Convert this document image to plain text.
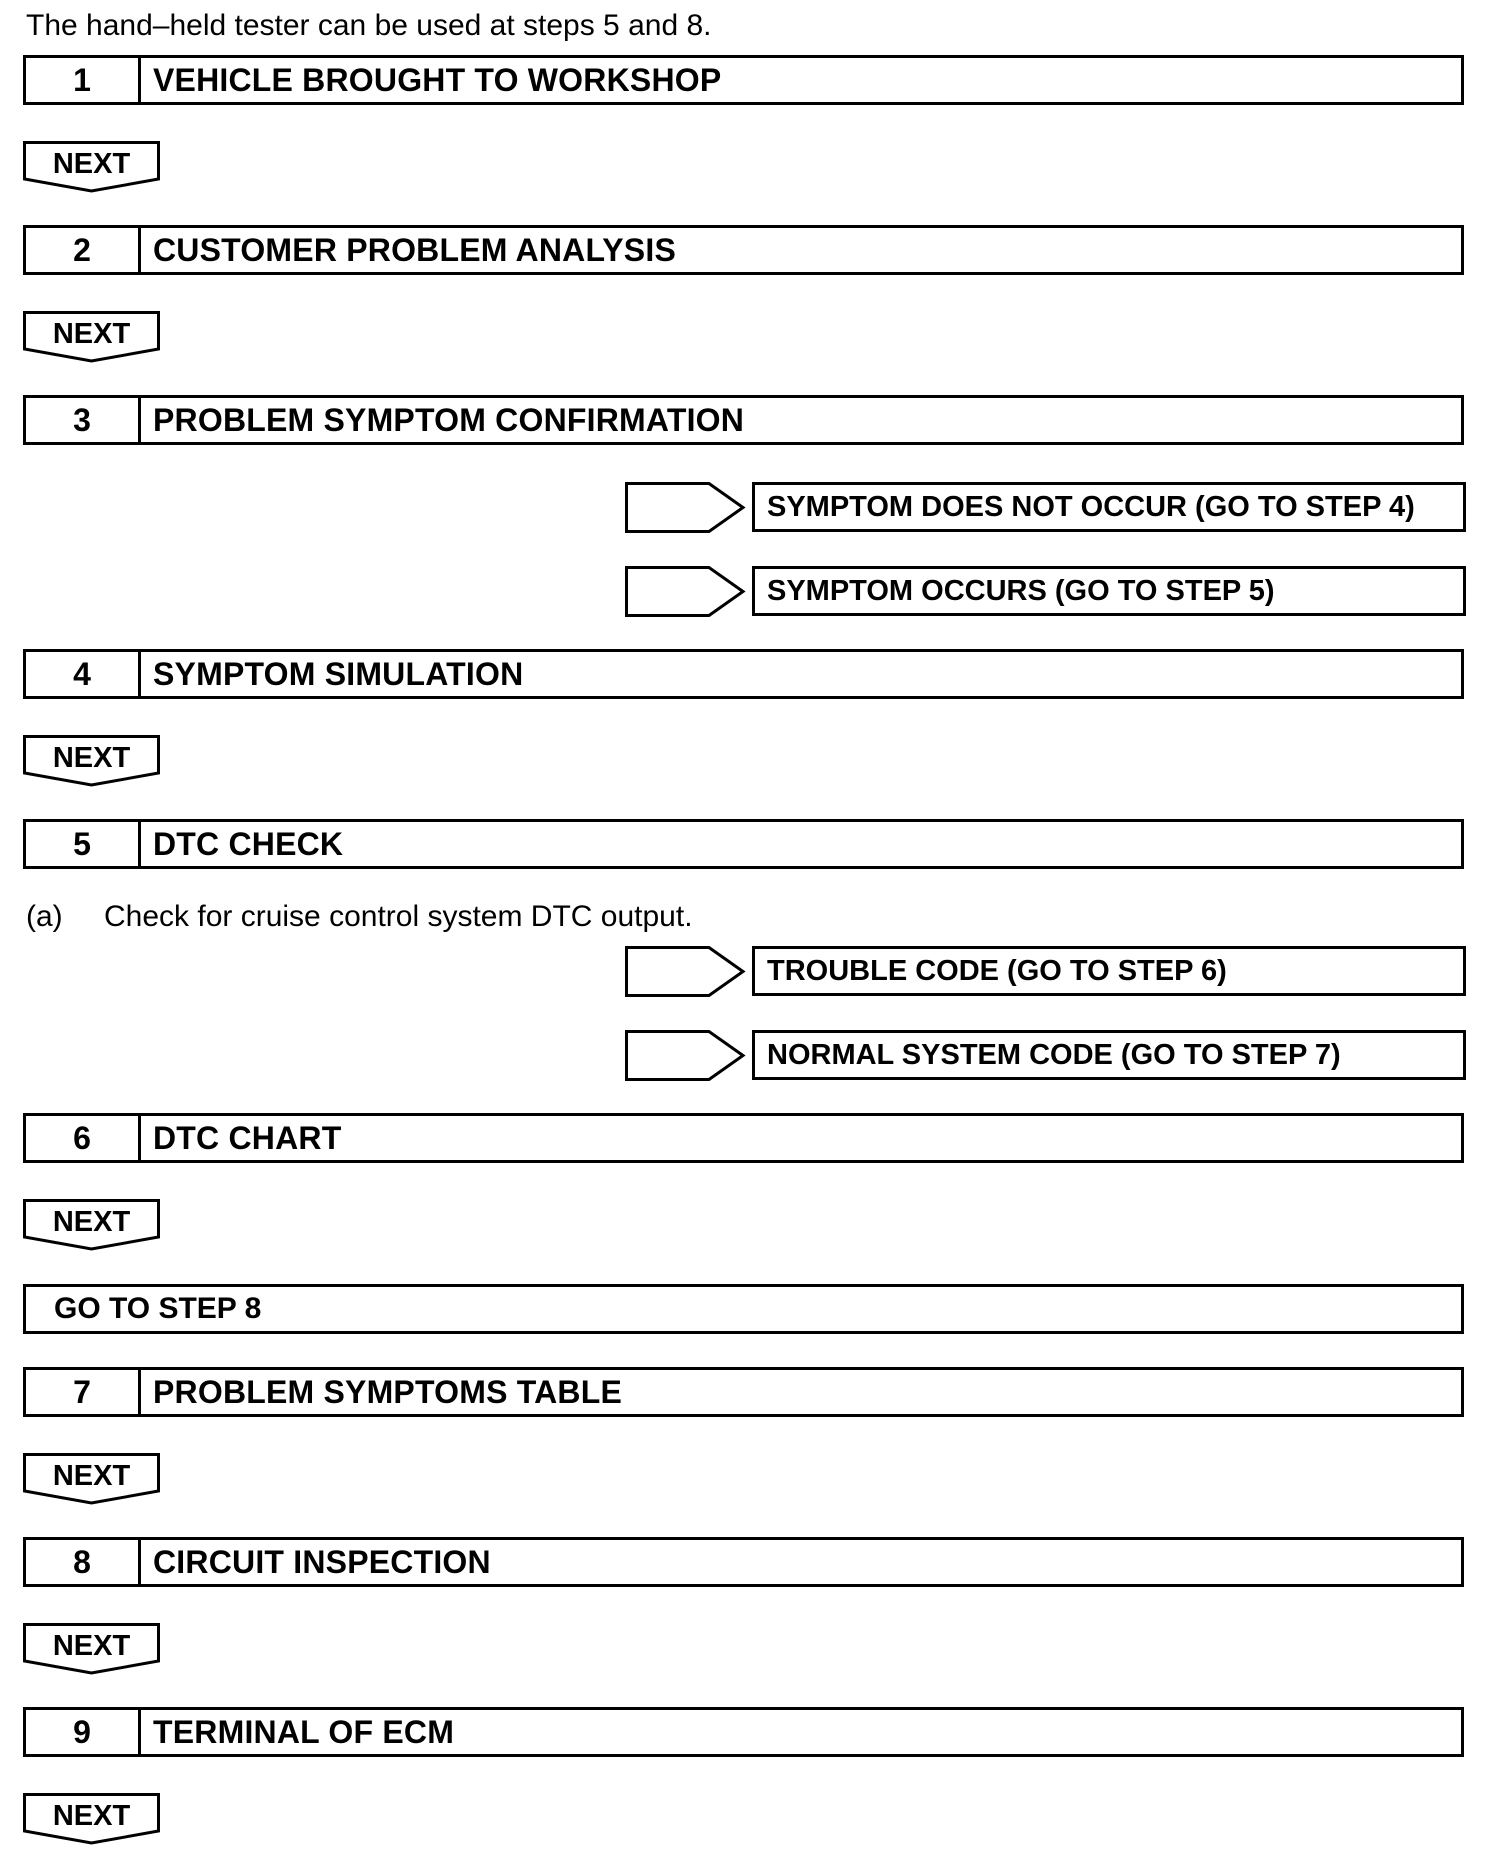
The hand–held tester can be used at steps 5 and 8.
1	VEHICLE BROUGHT TO WORKSHOP
NEXT
2	CUSTOMER PROBLEM ANALYSIS
NEXT
3	PROBLEM SYMPTOM CONFIRMATION
SYMPTOM DOES NOT OCCUR (GO TO STEP 4)
SYMPTOM OCCURS (GO TO STEP 5)
4	SYMPTOM SIMULATION
NEXT
5	DTC CHECK
(a) Check for cruise control system DTC output.
TROUBLE CODE (GO TO STEP 6)
NORMAL SYSTEM CODE (GO TO STEP 7)
6	DTC CHART
NEXT
GO TO STEP 8
7	PROBLEM SYMPTOMS TABLE
NEXT
8	CIRCUIT INSPECTION
NEXT
9	TERMINAL OF ECM
NEXT
